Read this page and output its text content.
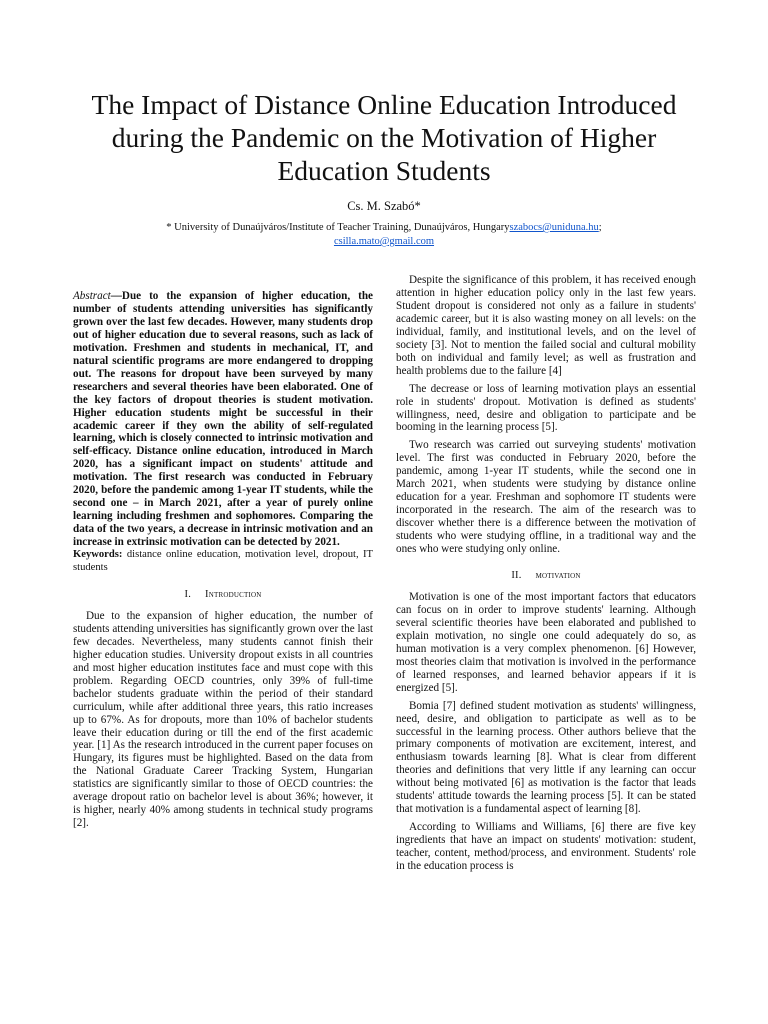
The Impact of Distance Online Education Introduced during the Pandemic on the Motivation of Higher Education Students
Cs. M. Szabó*
* University of Dunaújváros/Institute of Teacher Training, Dunaújváros, Hungaryszabocs@uniduna.hu;
csilla.mato@gmail.com

Abstract—Due to the expansion of higher education, the number of students attending universities has significantly grown over the last few decades. However, many students drop out of higher education due to several reasons, such as lack of motivation. Freshmen and students in mechanical, IT, and natural scientific programs are more endangered to dropping out. The reasons for dropout have been surveyed by many researchers and several theories have been elaborated. One of the key factors of dropout theories is student motivation. Higher education students might be successful in their academic career if they own the ability of self-regulated learning, which is closely connected to intrinsic motivation and self-efficacy. Distance online education, introduced in March 2020, has a significant impact on students' attitude and motivation. The first research was conducted in February 2020, before the pandemic among 1-year IT students, while the second one – in March 2021, after a year of purely online learning including freshmen and sophomores. Comparing the data of the two years, a decrease in intrinsic motivation and an increase in extrinsic motivation can be detected by 2021.

Keywords: distance online education, motivation level, dropout, IT students

I. Introduction

Due to the expansion of higher education, the number of students attending universities has significantly grown over the last few decades. Nevertheless, many students cannot finish their higher education studies. University dropout exists in all countries and most higher education institutes face and must cope with this problem. Regarding OECD countries, only 39% of full-time bachelor students graduate within the period of their standard curriculum, while after additional three years, this ratio increases up to 67%. As for dropouts, more than 10% of bachelor students leave their education during or till the end of the first academic year. [1] As the research introduced in the current paper focuses on Hungary, its figures must be highlighted. Based on the data from the National Graduate Career Tracking System, Hungarian statistics are significantly similar to those of OECD countries: the average dropout ratio on bachelor level is about 36%; however, it is higher, nearly 40% among students in technical study programs [2].

Despite the significance of this problem, it has received enough attention in higher education policy only in the last few years. Student dropout is considered not only as a failure in students' academic career, but it is also wasting money on all levels: on the individual, family, and institutional levels, and on the level of society [3]. Not to mention the failed social and cultural mobility both on individual and family level; as well as frustration and health problems due to the failure [4]

The decrease or loss of learning motivation plays an essential role in students' dropout. Motivation is defined as students' willingness, need, desire and obligation to participate and be booming in the learning process [5].

Two research was carried out surveying students' motivation level. The first was conducted in February 2020, before the pandemic, among 1-year IT students, while the second one in March 2021, when students were studying by distance online education for a year. Freshman and sophomore IT students were incorporated in the research. The aim of the research was to discover whether there is a difference between the motivation of students who were studying offline, in a traditional way and the ones who were studying only online.

II. motivation

Motivation is one of the most important factors that educators can focus on in order to improve students' learning. Although several scientific theories have been elaborated and published to explain motivation, no single one could adequately do so, as human motivation is a very complex phenomenon. [6] However, most theories claim that motivation is involved in the performance of learned responses, and learned behavior appears if it is energized [5].

Bomia [7] defined student motivation as students' willingness, need, desire, and obligation to participate as well as to be successful in the learning process. Other authors believe that the primary components of motivation are excitement, interest, and enthusiasm towards learning [8]. What is clear from different theories and definitions that very little if any learning can occur without being motivated [6] as motivation is the factor that leads students' attitude towards the learning process [5]. It can be stated that motivation is a fundamental aspect of learning [8].

According to Williams and Williams, [6] there are five key ingredients that have an impact on students' motivation: student, teacher, content, method/process, and environment. Students' role in the education process is
